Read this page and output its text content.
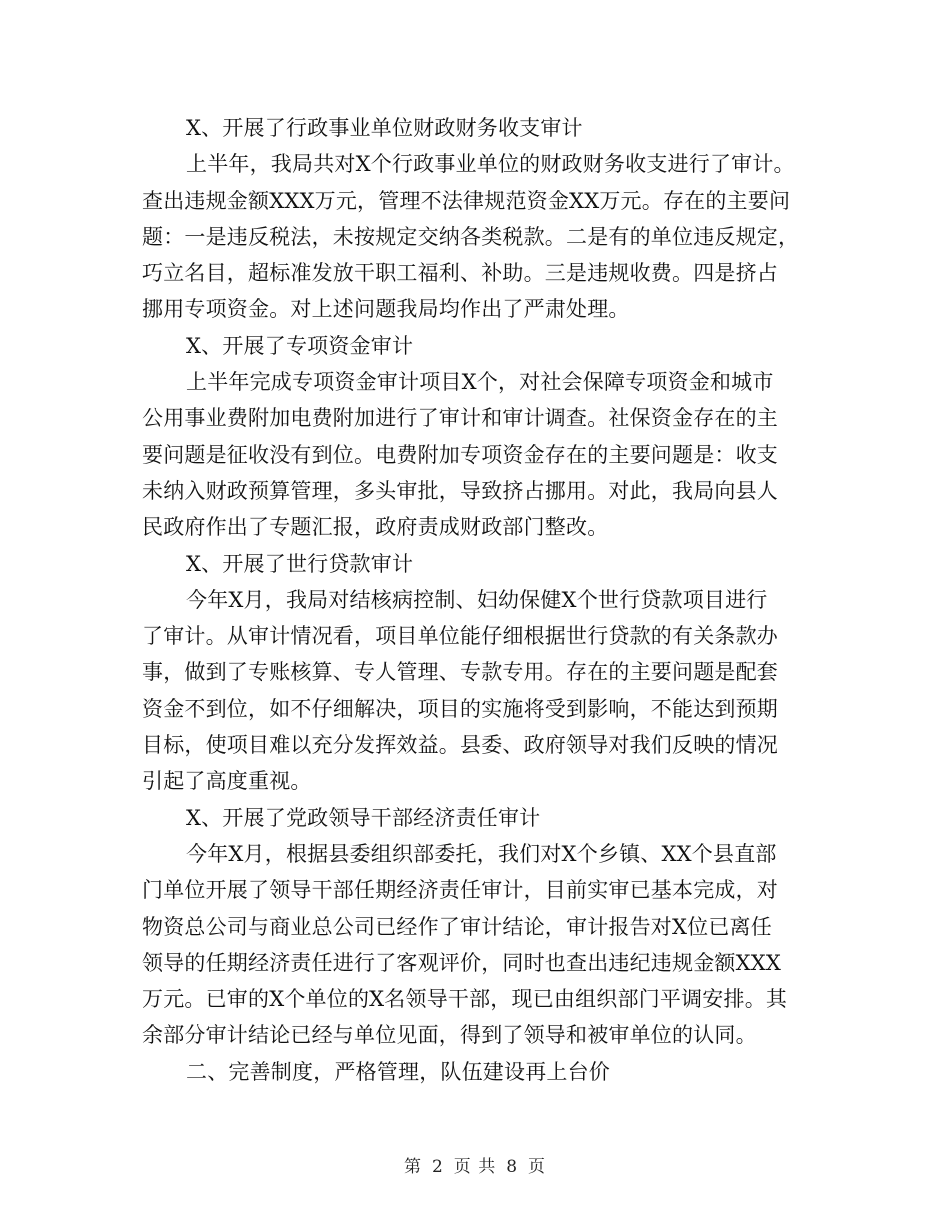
X、开展了行政事业单位财政财务收支审计
上半年，我局共对X个行政事业单位的财政财务收支进行了审计。
查出违规金额XXX万元，管理不法律规范资金XX万元。存在的主要问
题：一是违反税法，未按规定交纳各类税款。二是有的单位违反规定，
巧立名目，超标准发放干职工福利、补助。三是违规收费。四是挤占
挪用专项资金。对上述问题我局均作出了严肃处理。
X、开展了专项资金审计
上半年完成专项资金审计项目X个，对社会保障专项资金和城市
公用事业费附加电费附加进行了审计和审计调查。社保资金存在的主
要问题是征收没有到位。电费附加专项资金存在的主要问题是：收支
未纳入财政预算管理，多头审批，导致挤占挪用。对此，我局向县人
民政府作出了专题汇报，政府责成财政部门整改。
X、开展了世行贷款审计
今年X月，我局对结核病控制、妇幼保健X个世行贷款项目进行
了审计。从审计情况看，项目单位能仔细根据世行贷款的有关条款办
事，做到了专账核算、专人管理、专款专用。存在的主要问题是配套
资金不到位，如不仔细解决，项目的实施将受到影响，不能达到预期
目标，使项目难以充分发挥效益。县委、政府领导对我们反映的情况
引起了高度重视。
X、开展了党政领导干部经济责任审计
今年X月，根据县委组织部委托，我们对X个乡镇、XX个县直部
门单位开展了领导干部任期经济责任审计，目前实审已基本完成，对
物资总公司与商业总公司已经作了审计结论，审计报告对X位已离任
领导的任期经济责任进行了客观评价，同时也查出违纪违规金额XXX
万元。已审的X个单位的X名领导干部，现已由组织部门平调安排。其
余部分审计结论已经与单位见面，得到了领导和被审单位的认同。
二、完善制度，严格管理，队伍建设再上台价
第 2 页 共 8 页
